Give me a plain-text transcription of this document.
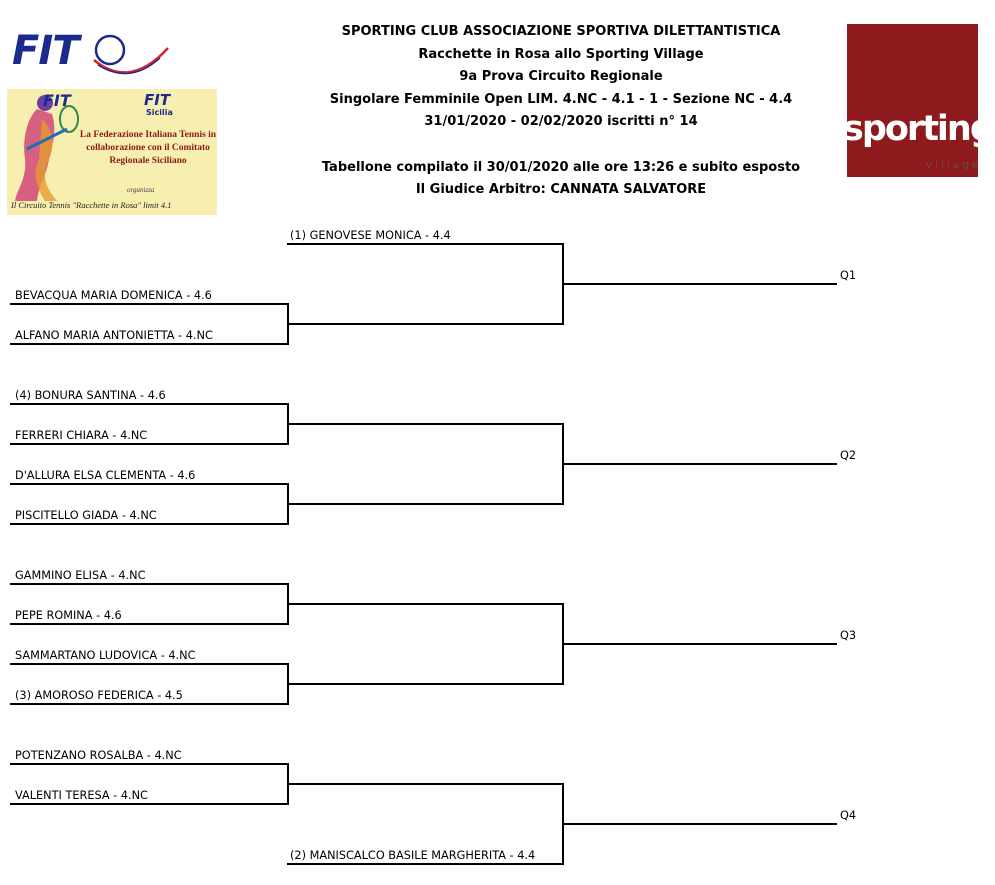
FIT
FIT	FIT
Sicilia
La Federazione Italiana Tennis in collaborazione con il Comitato Regionale Siciliano
organizza
Il Circuito Tennis "Racchette in Rosa" limit 4.1
sporting
v i l l a g e
SPORTING CLUB ASSOCIAZIONE SPORTIVA DILETTANTISTICA
Racchette in Rosa allo Sporting Village
9a Prova Circuito Regionale
Singolare Femminile Open LIM. 4.NC - 4.1 - 1 - Sezione NC - 4.4
31/01/2020 - 02/02/2020 iscritti n° 14
Tabellone compilato il 30/01/2020 alle ore 13:26 e subito esposto
Il Giudice Arbitro: CANNATA SALVATORE
(1) GENOVESE MONICA - 4.4
BEVACQUA MARIA DOMENICA - 4.6
ALFANO MARIA ANTONIETTA - 4.NC
(4) BONURA SANTINA - 4.6
FERRERI CHIARA - 4.NC
D'ALLURA ELSA CLEMENTA - 4.6
PISCITELLO GIADA - 4.NC
GAMMINO ELISA - 4.NC
PEPE ROMINA - 4.6
SAMMARTANO LUDOVICA - 4.NC
(3) AMOROSO FEDERICA - 4.5
POTENZANO ROSALBA - 4.NC
VALENTI TERESA - 4.NC
(2) MANISCALCO BASILE MARGHERITA - 4.4
Q1
Q2
Q3
Q4
